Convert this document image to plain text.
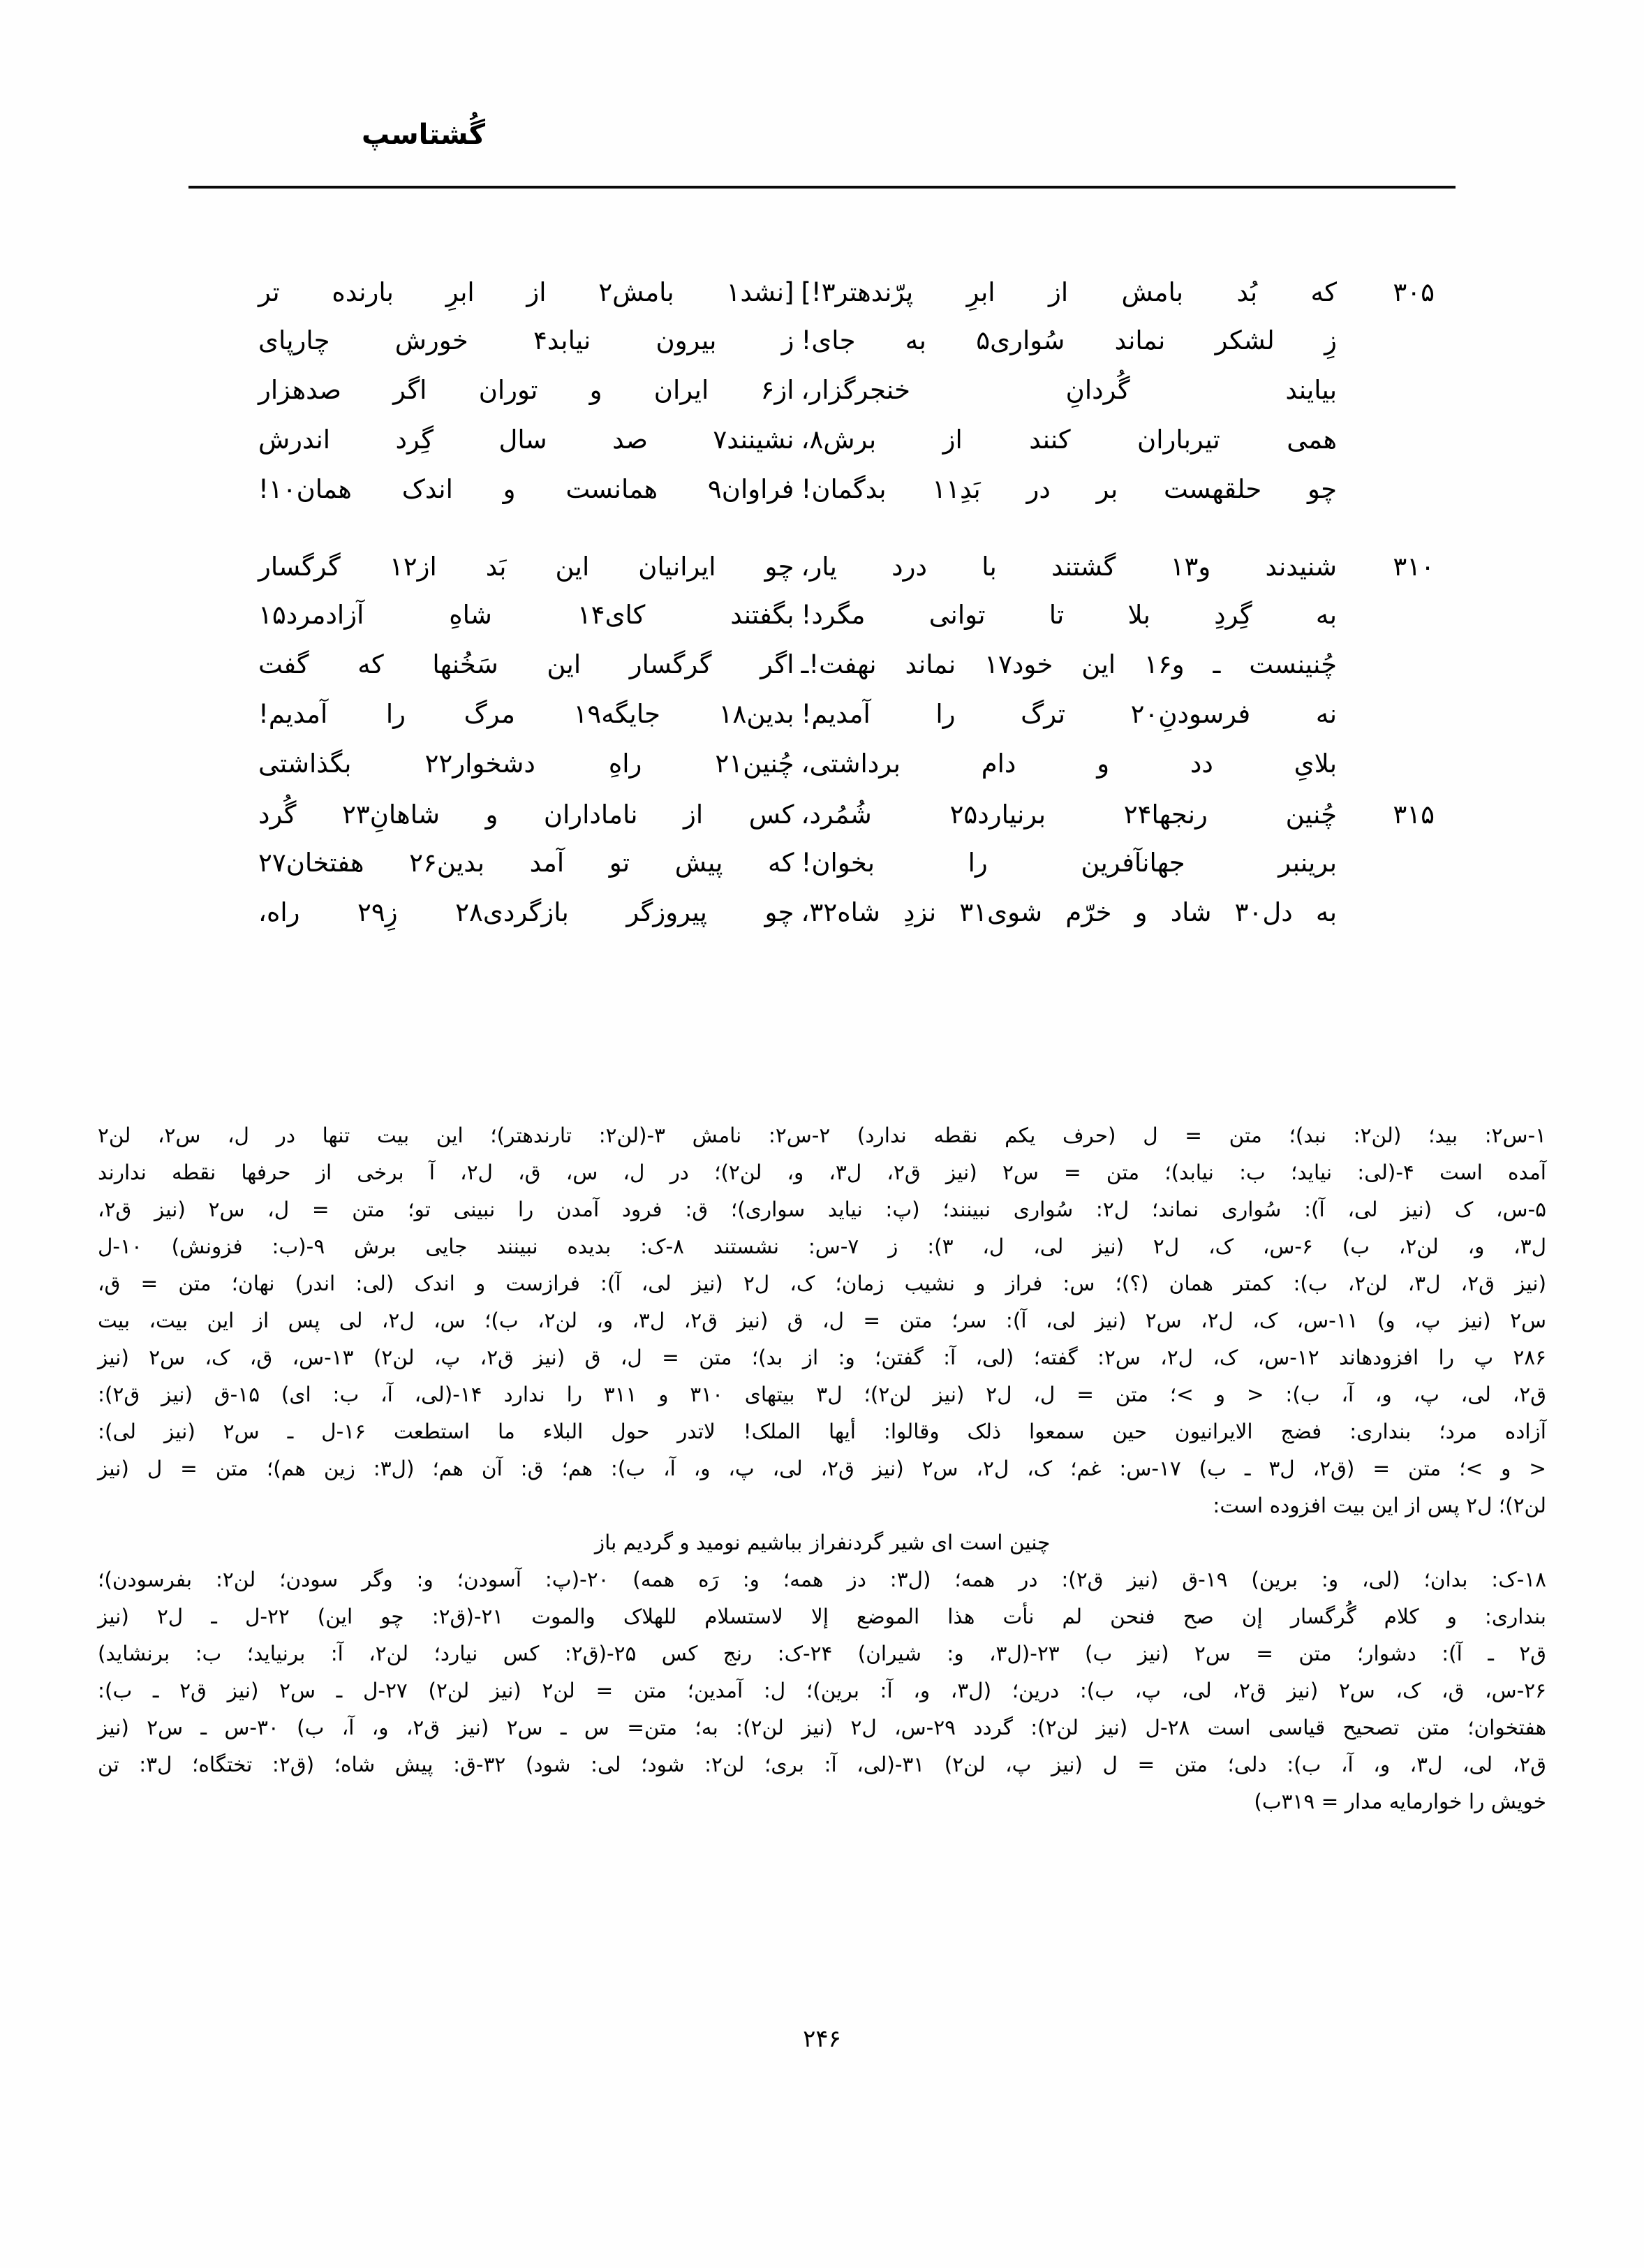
گُشتاسپ
۳۰۵
که بُد بامش از ابرِ پرّندهتر۳!]
[نشد۱ بامش۲ از ابرِ بارنده تر
زِ لشکر نماند سُواری۵ به جای!
ز بیرون نیابد۴ خورش چارپای
بیایند گُردانِ خنجرگزار،
از۶ ایران و توران اگر صدهزار
همی تیرباران کنند از برش۸،
نشینند۷ صد سال گِرد اندرش
چو حلقهست بر در بَدِ۱۱ بدگمان!
فراوان۹ همانست و اندک همان۱۰!
۳۱۰
شنیدند و۱۳ گشتند با درد یار،
چو ایرانیان این بَد از۱۲ گرگسار
به گِردِ بلا تا توانی مگرد!
بگفتند کای۱۴ شاهِ آزادمرد۱۵
چُنینست ـ و۱۶ این خود۱۷ نماند نهفت!ـ
اگر گرگسار این سَخُنها که گفت
نه فرسودنِ۲۰ ترگ را آمدیم!
بدین۱۸ جایگه۱۹ مرگ را آمدیم!
بلایِ دد و دام برداشتی،
چُنین۲۱ راهِ دشخوار۲۲ بگذاشتی
۳۱۵
چُنین رنجها۲۴ برنیارد۲۵ شُمُرد،
کس از ناماداران و شاهانِ۲۳ گُرد
برینبر جهانآفرین را بخوان!
که پیش تو آمد بدین۲۶ هفتخان۲۷
به دل۳۰ شاد و خرّم شوی۳۱ نزدِ شاه۳۲،
چو پیروزگر بازگردی۲۸ زِ۲۹ راه،
۱-س۲: بید؛ (لن۲: نبد)؛ متن = ل (حرف یکم نقطه ندارد) ۲-س۲: نامش ۳-(لن۲: تارندهتر)؛ این بیت تنها در ل، س۲، لن۲
آمده است ۴-(لی: نیاید؛ ب: نیابد)؛ متن = س۲ (نیز ق۲، ل۳، و، لن۲)؛ در ل، س، ق، ل۲، آ برخی از حرفها نقطه ندارند
۵-س، ک (نیز لی، آ): سُواری نماند؛ ل۲: سُواری نبینند؛ (پ: نیاید سواری)؛ ق: فرود آمدن را نبینی تو؛ متن = ل، س۲ (نیز ق۲،
ل۳، و، لن۲، ب) ۶-س، ک، ل۲ (نیز لی، ل، ۳): ز ۷-س: نشستند ۸-ک: بدیده نبینند جایی برش ۹-(ب: فزونش) ۱۰-ل
(نیز ق۲، ل۳، لن۲، ب): کمتر همان (؟)؛ س: فراز و نشیب زمان؛ ک، ل۲ (نیز لی، آ): فرازست و اندک (لی: اندر) نهان؛ متن = ق،
س۲ (نیز پ، و) ۱۱-س، ک، ل۲، س۲ (نیز لی، آ): سر؛ متن = ل، ق (نیز ق۲، ل۳، و، لن۲، ب)؛ س، ل۲، لی پس از این بیت، بیت
۲۸۶ پ را افزودهاند ۱۲-س، ک، ل۲، س۲: گفته؛ (لی، آ: گفتن؛ و: از بد)؛ متن = ل، ق (نیز ق۲، پ، لن۲) ۱۳-س، ق، ک، س۲ (نیز
ق۲، لی، پ، و، آ، ب): < و >؛ متن = ل، ل۲ (نیز لن۲)؛ ل۳ بیتهای ۳۱۰ و ۳۱۱ را ندارد ۱۴-(لی، آ، ب: ای) ۱۵-ق (نیز ق۲):
آزاده مرد؛ بنداری: فضج الایرانیون حین سمعوا ذلک وقالوا: أیها الملک! لاتدر حول البلاء ما استطعت ۱۶-ل ـ س۲ (نیز لی):
< و >؛ متن = (ق۲، ل۳ ـ ب) ۱۷-س: غم؛ ک، ل۲، س۲ (نیز ق۲، لی، پ، و، آ، ب): هم؛ ق: آن هم؛ (ل۳: زین هم)؛ متن = ل (نیز
لن۲)؛ ل۲ پس از این بیت افزوده است:
چنین است ای شیر گردنفراز بباشیم نومید و گردیم باز
۱۸-ک: بدان؛ (لی، و: برین) ۱۹-ق (نیز ق۲): در همه؛ (ل۳: دز همه؛ و: رَه همه) ۲۰-(پ: آسودن؛ و: وگر سودن؛ لن۲: بفرسودن)؛
بنداری: و کلام گُرگسار إن صح فنحن لم نأت هذا الموضع إلا لاستسلام للهلاک والموت ۲۱-(ق۲: چو این) ۲۲-ل ـ ل۲ (نیز
ق۲ ـ آ): دشوار؛ متن = س۲ (نیز ب) ۲۳-(ل۳، و: شیران) ۲۴-ک: رنج کس ۲۵-(ق۲: کس نیارد؛ لن۲، آ: برنیاید؛ ب: برنشاید)
۲۶-س، ق، ک، س۲ (نیز ق۲، لی، پ، ب): درین؛ (ل۳، و، آ: برین)؛ ل: آمدین؛ متن = لن۲ (نیز لن۲) ۲۷-ل ـ س۲ (نیز ق۲ ـ ب):
هفتخوان؛ متن تصحیح قیاسی است ۲۸-ل (نیز لن۲): گردد ۲۹-س، ل۲ (نیز لن۲): به؛ متن= س ـ س۲ (نیز ق۲، و، آ، ب) ۳۰-س ـ س۲ (نیز
ق۲، لی، ل۳، و، آ، ب): دلی؛ متن = ل (نیز پ، لن۲) ۳۱-(لی، آ: بری؛ لن۲: شود؛ لی: شود) ۳۲-ق: پیش شاه؛ (ق۲: تختگاه؛ ل۳: تن
خویش را خوارمایه مدار = ۳۱۹ب)
۲۴۶
